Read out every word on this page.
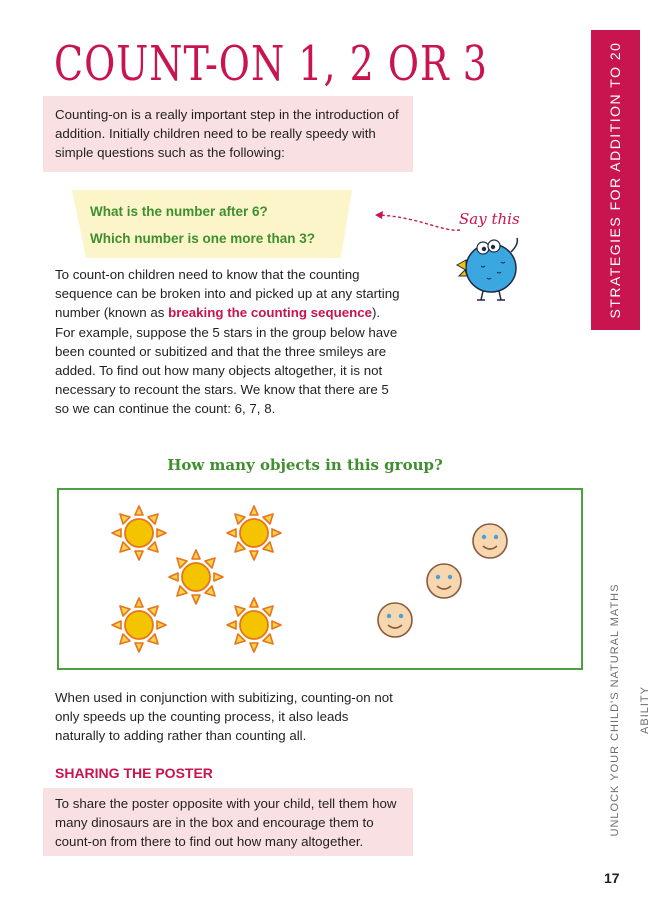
COUNT-ON 1, 2 OR 3	STRATEGIES FOR ADDITION TO 20
Counting-on is a really important step in the introduction of addition. Initially children need to be really speedy with simple questions such as the following:
What is the number after 6?
Which number is one more than 3?
Say this

To count-on children need to know that the counting sequence can be broken into and picked up at any starting number (known as breaking the counting sequence). For example, suppose the 5 stars in the group below have been counted or subitized and that the three smileys are added. To find out how many objects altogether, it is not necessary to recount the stars. We know that there are 5 so we can continue the count: 6, 7, 8.

How many objects in this group?

When used in conjunction with subitizing, counting-on not only speeds up the counting process, it also leads naturally to adding rather than counting all.

SHARING THE POSTER
To share the poster opposite with your child, tell them how many dinosaurs are in the box and encourage them to count-on from there to find out how many altogether.
UNLOCK YOUR CHILD'S NATURAL MATHS ABILITY
17
